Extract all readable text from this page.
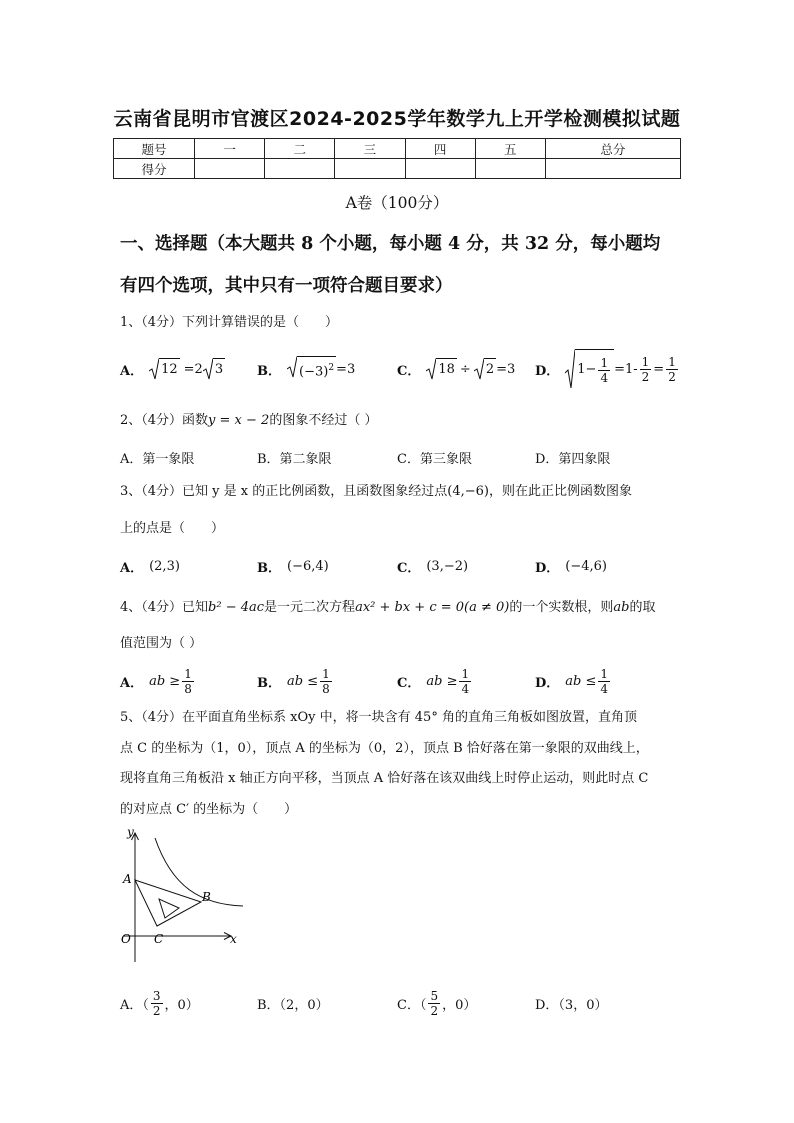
云南省昆明市官渡区2024-2025学年数学九上开学检测模拟试题
题号	一	二	三	四	五	总分
得分						
A卷（100分）
一、选择题（本大题共 8 个小题，每小题 4 分，共 32 分，每小题均
有四个选项，其中只有一项符合题目要求）
1、（4分）下列计算错误的是（　　）
A． 12 =2 3	B． $(-3)^2 =3$	C． 18 ÷ 2 =3 D． $1- \frac{1}{4} =1- \frac{1}{2} = \frac{1}{2}$
2、（4分）函数y = x − 2的图象不经过（ ）
A．第一象限	B．第二象限	C．第三象限	D．第四象限
3、（4分）已知 y 是 x 的正比例函数，且函数图象经过点(4,−6)，则在此正比例函数图象
上的点是（　　）
A． (2,3)	B． (−6,4)	C． (3,−2)	D． (−4,6)
4、（4分）已知b² − 4ac是一元二次方程ax² + bx + c = 0(a ≠ 0)的一个实数根，则ab的取
值范围为（ ）
A． ab ≥ $\frac{1}{8}$	B． ab ≤ $\frac{1}{8}$	C． ab ≥ $\frac{1}{4}$	D． ab ≤ $\frac{1}{4}$
5、（4分）在平面直角坐标系 xOy 中，将一块含有 45° 角的直角三角板如图放置，直角顶
点 C 的坐标为（1，0），顶点 A 的坐标为（0，2），顶点 B 恰好落在第一象限的双曲线上，
现将直角三角板沿 x 轴正方向平移，当顶点 A 恰好落在该双曲线上时停止运动，则此时点 C
的对应点 C′ 的坐标为（　　）
y
x
O
A
B
C
A．（ $\frac{3}{2}$ ，0）	B．（2，0）	C．（ $\frac{5}{2}$ ，0）	D．（3，0）
